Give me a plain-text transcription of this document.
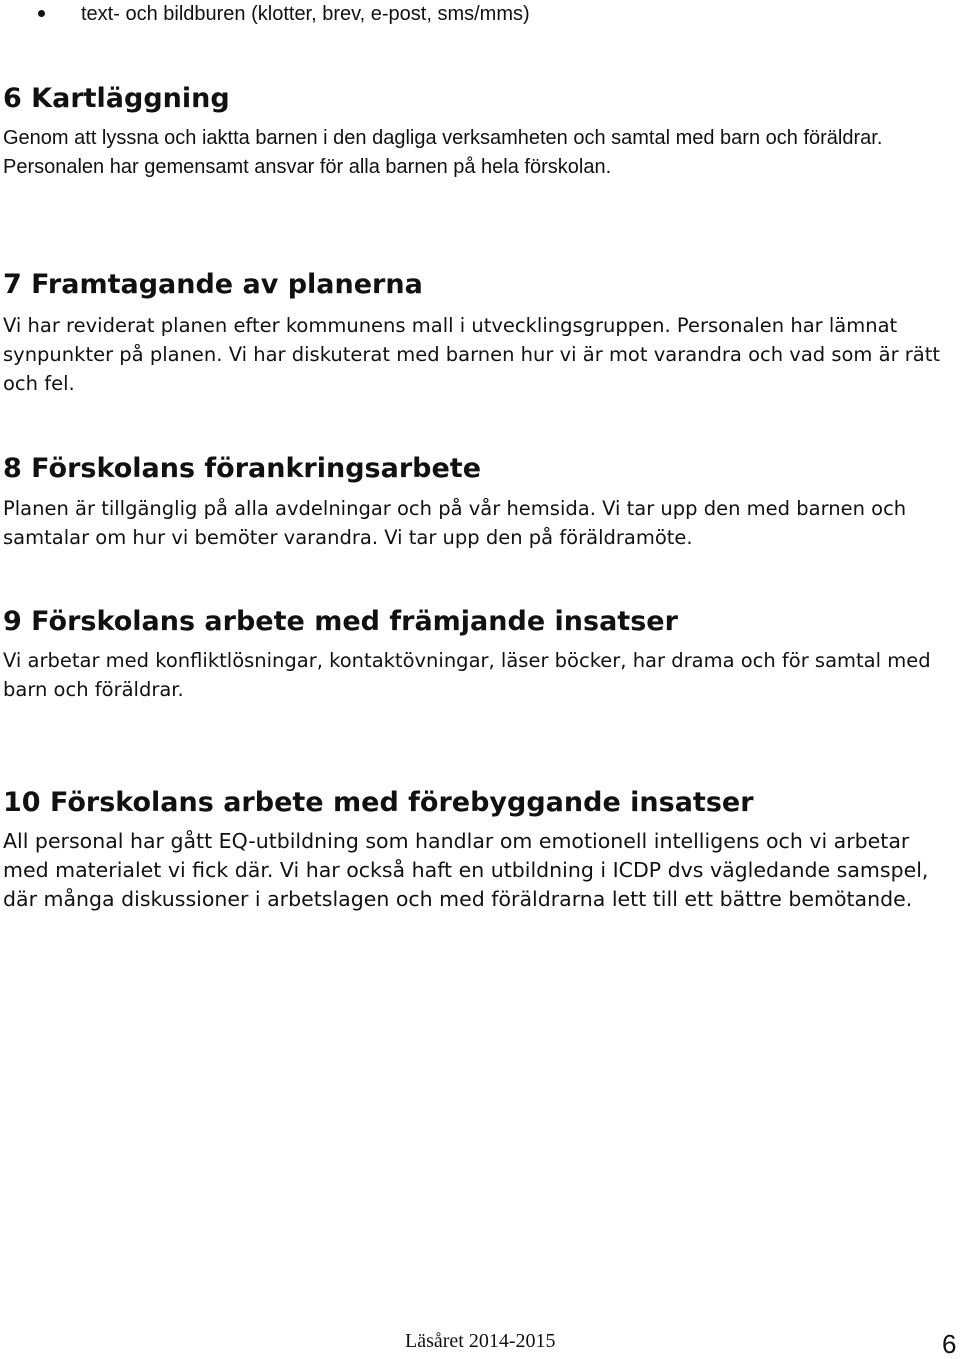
text- och bildburen (klotter, brev, e-post, sms/mms)
6 Kartläggning

Genom att lyssna och iaktta barnen i den dagliga verksamheten och samtal med barn och föräldrar. Personalen har gemensamt ansvar för alla barnen på hela förskolan.

7 Framtagande av planerna

Vi har reviderat planen efter kommunens mall i utvecklingsgruppen. Personalen har lämnat synpunkter på planen. Vi har diskuterat med barnen hur vi är mot varandra och vad som är rätt och fel.

8 Förskolans förankringsarbete

Planen är tillgänglig på alla avdelningar och på vår hemsida. Vi tar upp den med barnen och samtalar om hur vi bemöter varandra. Vi tar upp den på föräldramöte.

9 Förskolans arbete med främjande insatser

Vi arbetar med konfliktlösningar, kontaktövningar, läser böcker, har drama och för samtal med barn och föräldrar.

10 Förskolans arbete med förebyggande insatser

All personal har gått EQ-utbildning som handlar om emotionell intelligens och vi arbetar med materialet vi fick där. Vi har också haft en utbildning i ICDP dvs vägledande samspel, där många diskussioner i arbetslagen och med föräldrarna lett till ett bättre bemötande.

Läsåret 2014-2015	6
